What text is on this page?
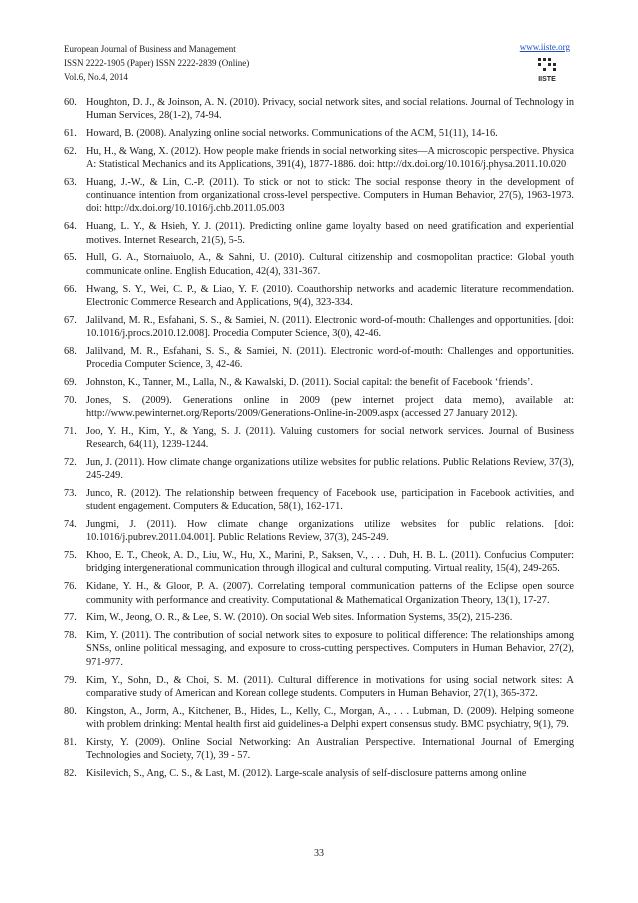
European Journal of Business and Management
ISSN 2222-1905 (Paper) ISSN 2222-2839 (Online)
Vol.6, No.4, 2014
www.iiste.org
IISTE
60. Houghton, D. J., & Joinson, A. N. (2010). Privacy, social network sites, and social relations. Journal of Technology in Human Services, 28(1-2), 74-94.
61. Howard, B. (2008). Analyzing online social networks. Communications of the ACM, 51(11), 14-16.
62. Hu, H., & Wang, X. (2012). How people make friends in social networking sites—A microscopic perspective. Physica A: Statistical Mechanics and its Applications, 391(4), 1877-1886. doi: http://dx.doi.org/10.1016/j.physa.2011.10.020
63. Huang, J.-W., & Lin, C.-P. (2011). To stick or not to stick: The social response theory in the development of continuance intention from organizational cross-level perspective. Computers in Human Behavior, 27(5), 1963-1973. doi: http://dx.doi.org/10.1016/j.chb.2011.05.003
64. Huang, L. Y., & Hsieh, Y. J. (2011). Predicting online game loyalty based on need gratification and experiential motives. Internet Research, 21(5), 5-5.
65. Hull, G. A., Stornaiuolo, A., & Sahni, U. (2010). Cultural citizenship and cosmopolitan practice: Global youth communicate online. English Education, 42(4), 331-367.
66. Hwang, S. Y., Wei, C. P., & Liao, Y. F. (2010). Coauthorship networks and academic literature recommendation. Electronic Commerce Research and Applications, 9(4), 323-334.
67. Jalilvand, M. R., Esfahani, S. S., & Samiei, N. (2011). Electronic word-of-mouth: Challenges and opportunities. [doi: 10.1016/j.procs.2010.12.008]. Procedia Computer Science, 3(0), 42-46.
68. Jalilvand, M. R., Esfahani, S. S., & Samiei, N. (2011). Electronic word-of-mouth: Challenges and opportunities. Procedia Computer Science, 3, 42-46.
69. Johnston, K., Tanner, M., Lalla, N., & Kawalski, D. (2011). Social capital: the benefit of Facebook ‘friends’.
70. Jones, S. (2009). Generations online in 2009 (pew internet project data memo), available at: http://www.pewinternet.org/Reports/2009/Generations-Online-in-2009.aspx (accessed 27 January 2012).
71. Joo, Y. H., Kim, Y., & Yang, S. J. (2011). Valuing customers for social network services. Journal of Business Research, 64(11), 1239-1244.
72. Jun, J. (2011). How climate change organizations utilize websites for public relations. Public Relations Review, 37(3), 245-249.
73. Junco, R. (2012). The relationship between frequency of Facebook use, participation in Facebook activities, and student engagement. Computers & Education, 58(1), 162-171.
74. Jungmi, J. (2011). How climate change organizations utilize websites for public relations. [doi: 10.1016/j.pubrev.2011.04.001]. Public Relations Review, 37(3), 245-249.
75. Khoo, E. T., Cheok, A. D., Liu, W., Hu, X., Marini, P., Saksen, V., . . . Duh, H. B. L. (2011). Confucius Computer: bridging intergenerational communication through illogical and cultural computing. Virtual reality, 15(4), 249-265.
76. Kidane, Y. H., & Gloor, P. A. (2007). Correlating temporal communication patterns of the Eclipse open source community with performance and creativity. Computational & Mathematical Organization Theory, 13(1), 17-27.
77. Kim, W., Jeong, O. R., & Lee, S. W. (2010). On social Web sites. Information Systems, 35(2), 215-236.
78. Kim, Y. (2011). The contribution of social network sites to exposure to political difference: The relationships among SNSs, online political messaging, and exposure to cross-cutting perspectives. Computers in Human Behavior, 27(2), 971-977.
79. Kim, Y., Sohn, D., & Choi, S. M. (2011). Cultural difference in motivations for using social network sites: A comparative study of American and Korean college students. Computers in Human Behavior, 27(1), 365-372.
80. Kingston, A., Jorm, A., Kitchener, B., Hides, L., Kelly, C., Morgan, A., . . . Lubman, D. (2009). Helping someone with problem drinking: Mental health first aid guidelines-a Delphi expert consensus study. BMC psychiatry, 9(1), 79.
81. Kirsty, Y. (2009). Online Social Networking: An Australian Perspective. International Journal of Emerging Technologies and Society, 7(1), 39 - 57.
82. Kisilevich, S., Ang, C. S., & Last, M. (2012). Large-scale analysis of self-disclosure patterns among online
33
